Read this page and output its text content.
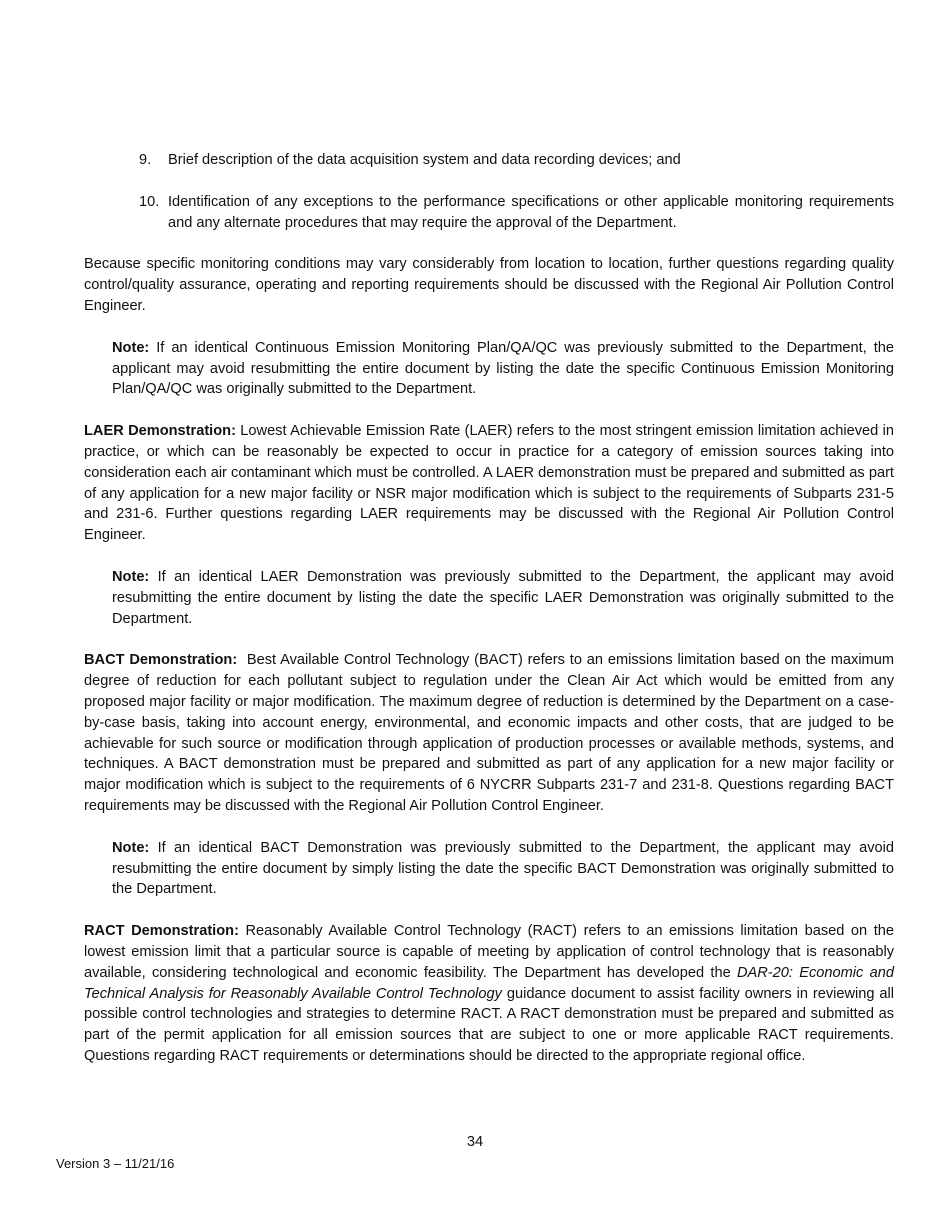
9.	Brief description of the data acquisition system and data recording devices; and
10. Identification of any exceptions to the performance specifications or other applicable monitoring requirements and any alternate procedures that may require the approval of the Department.

Because specific monitoring conditions may vary considerably from location to location, further questions regarding quality control/quality assurance, operating and reporting requirements should be discussed with the Regional Air Pollution Control Engineer.

Note: If an identical Continuous Emission Monitoring Plan/QA/QC was previously submitted to the Department, the applicant may avoid resubmitting the entire document by listing the date the specific Continuous Emission Monitoring Plan/QA/QC was originally submitted to the Department.

LAER Demonstration: Lowest Achievable Emission Rate (LAER) refers to the most stringent emission limitation achieved in practice, or which can be reasonably be expected to occur in practice for a category of emission sources taking into consideration each air contaminant which must be controlled. A LAER demonstration must be prepared and submitted as part of any application for a new major facility or NSR major modification which is subject to the requirements of Subparts 231-5 and 231-6. Further questions regarding LAER requirements may be discussed with the Regional Air Pollution Control Engineer.

Note: If an identical LAER Demonstration was previously submitted to the Department, the applicant may avoid resubmitting the entire document by listing the date the specific LAER Demonstration was originally submitted to the Department.

BACT Demonstration:  Best Available Control Technology (BACT) refers to an emissions limitation based on the maximum degree of reduction for each pollutant subject to regulation under the Clean Air Act which would be emitted from any proposed major facility or major modification. The maximum degree of reduction is determined by the Department on a case-by-case basis, taking into account energy, environmental, and economic impacts and other costs, that are judged to be achievable for such source or modification through application of production processes or available methods, systems, and techniques. A BACT demonstration must be prepared and submitted as part of any application for a new major facility or major modification which is subject to the requirements of 6 NYCRR Subparts 231-7 and 231-8. Questions regarding BACT requirements may be discussed with the Regional Air Pollution Control Engineer.

Note: If an identical BACT Demonstration was previously submitted to the Department, the applicant may avoid resubmitting the entire document by simply listing the date the specific BACT Demonstration was originally submitted to the Department.

RACT Demonstration: Reasonably Available Control Technology (RACT) refers to an emissions limitation based on the lowest emission limit that a particular source is capable of meeting by application of control technology that is reasonably available, considering technological and economic feasibility. The Department has developed the DAR-20: Economic and Technical Analysis for Reasonably Available Control Technology guidance document to assist facility owners in reviewing all possible control technologies and strategies to determine RACT. A RACT demonstration must be prepared and submitted as part of the permit application for all emission sources that are subject to one or more applicable RACT requirements. Questions regarding RACT requirements or determinations should be directed to the appropriate regional office.

34
Version 3 – 11/21/16
